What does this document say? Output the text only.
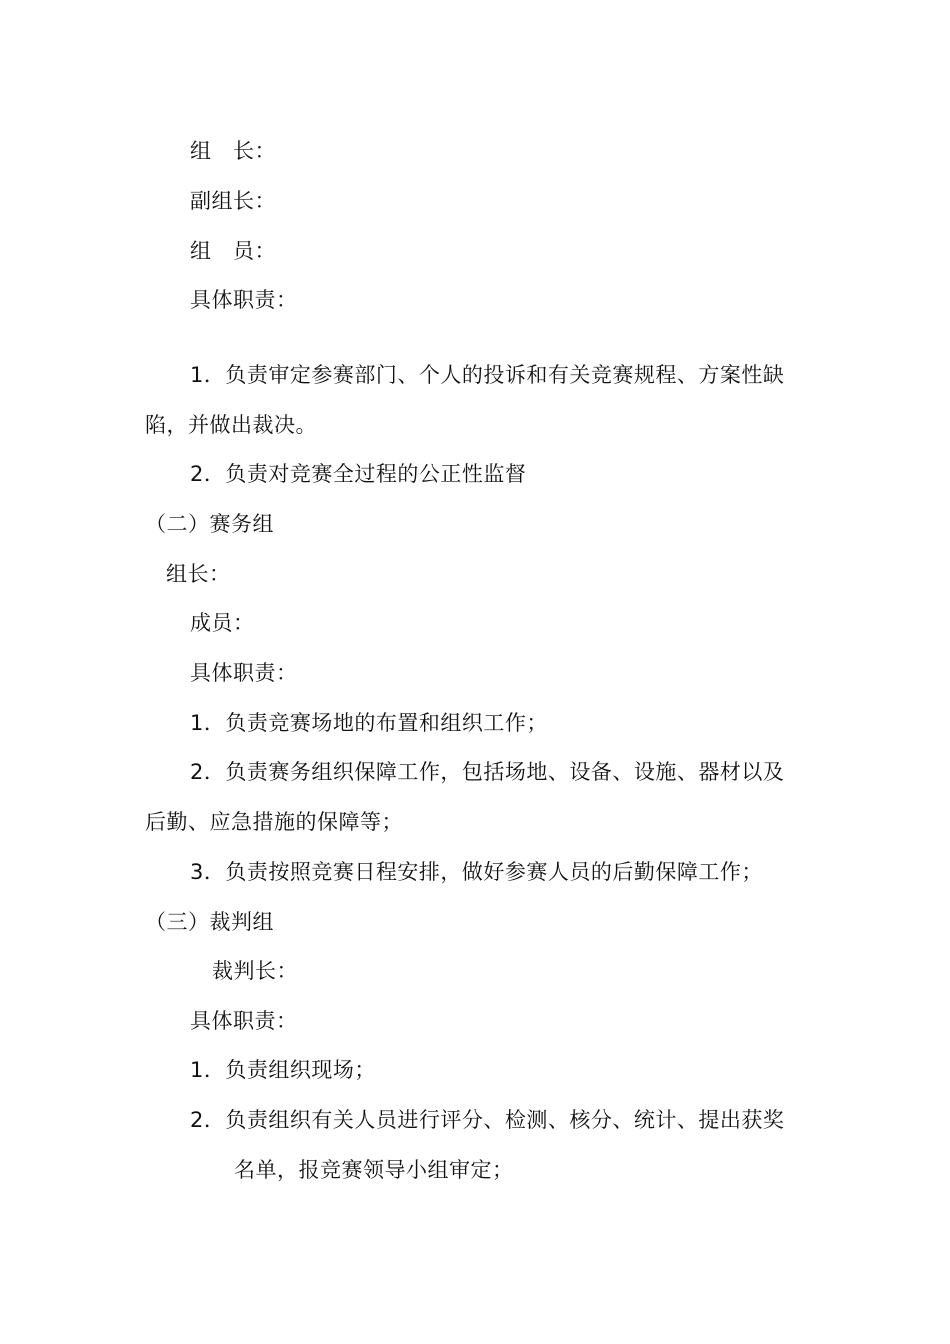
组　长：
副组长：
组　员：
具体职责：
1．负责审定参赛部门、个人的投诉和有关竞赛规程、方案性缺
陷，并做出裁决。
2．负责对竞赛全过程的公正性监督
（二）赛务组
组长：
成员：
具体职责：
1．负责竞赛场地的布置和组织工作；
2．负责赛务组织保障工作，包括场地、设备、设施、器材以及
后勤、应急措施的保障等；
3．负责按照竞赛日程安排，做好参赛人员的后勤保障工作；
（三）裁判组
裁判长：
具体职责：
1．负责组织现场；
2．负责组织有关人员进行评分、检测、核分、统计、提出获奖
名单，报竞赛领导小组审定；
